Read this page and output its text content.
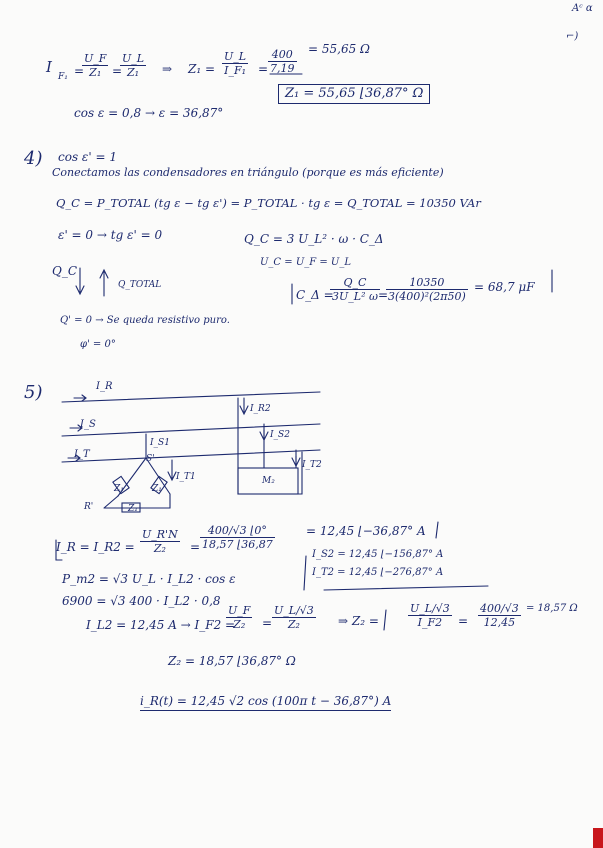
Aᶜ ɑ
⌐)
I
F₁ =
$\frac{U\_F}{\text{Z₁}}$ =
$\frac{U\_L}{\text{Z₁}}$ ⇒ $Z_1 = \frac{U\_L}{\text{I\_F₁}} = \frac{400}{7,19} = 55,65$ Ω
cos ε = 0,8 → ε = 36,87°
Z₁ = 55,65 ⌊36,87° Ω
4) cos ε' = 1
Conectamos las condensadores en triángulo (porque es más eficiente)
Q_C = P_TOTAL (tg ε − tg ε') = P_TOTAL · tg ε = Q_TOTAL = 10350 VAr
ε' = 0 → tg ε' = 0	Q_C = 3 U_L² · ω · C_Δ
U_C = U_F = U_L
Q_C
Q_TOTAL
C_Δ =
$\frac{Q\_C}{\text{3U\_L² ω}}$
=
$\frac{10350}{\text{3(400)²(2π50)}} = 68,7$ μF
Q' = 0 → Se queda resistivo puro.
φ' = 0°
5)	I_R
I_S
I_T
I_R2
I_S2
I_T2
I_S1
I_T1
S'
Z₁	Z₁
Z₁
R'
M₂
I_R = I_R2 = $\frac{U\_R'N}{\text{Z₂}} = \frac{400/√3 ⌊0^\circ}{18,57 ⌊36,87}$	= 12,45 ⌊−36,87° A
I_S2 = 12,45 ⌊−156,87° A
I_T2 = 12,45 ⌊−276,87° A
P_m2 = √3 U_L · I_L2 · cos ε
6900 = √3 400 · I_L2 · 0,8
I_L2 = 12,45 A → I_F2 =
$\frac{U\_F}{\text{Z₂}} = \frac{U\_L/√3}{\text{Z₂}}$ ⇒ Z₂ =	$\frac{U\_L/√3}{I\_F2} = \frac{400/√3}{12,45} = 18,57$ Ω
Z₂ = 18,57 ⌊36,87° Ω
i_R(t) = 12,45 √2 cos (100π t − 36,87°) A
